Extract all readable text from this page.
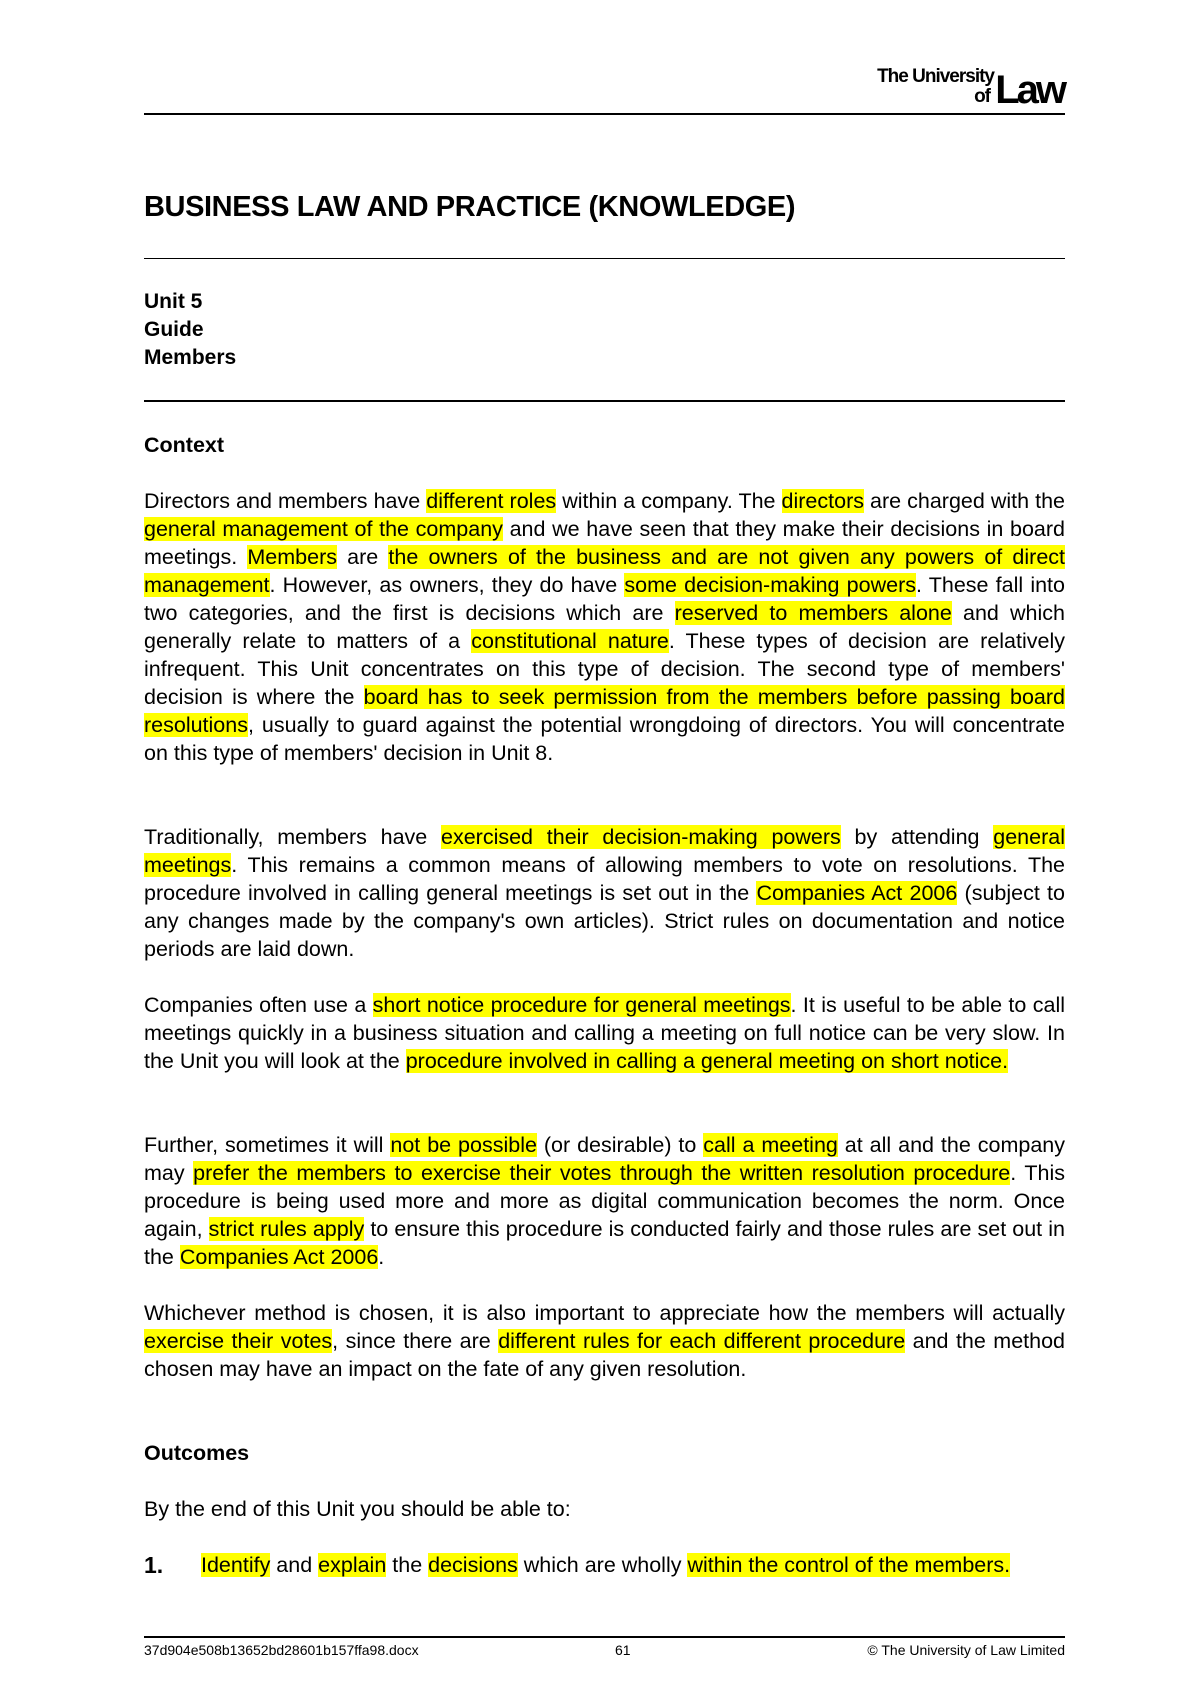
The University
of Law
BUSINESS LAW AND PRACTICE (KNOWLEDGE)
Unit 5
Guide
Members
Context

Directors and members have different roles within a company. The directors are charged with the general management of the company and we have seen that they make their decisions in board meetings. Members are the owners of the business and are not given any powers of direct management. However, as owners, they do have some decision-making powers. These fall into two categories, and the first is decisions which are reserved to members alone and which generally relate to matters of a constitutional nature. These types of decision are relatively infrequent. This Unit concentrates on this type of decision. The second type of members' decision is where the board has to seek permission from the members before passing board resolutions, usually to guard against the potential wrongdoing of directors. You will concentrate on this type of members' decision in Unit 8.

Traditionally, members have exercised their decision-making powers by attending general meetings. This remains a common means of allowing members to vote on resolutions. The procedure involved in calling general meetings is set out in the Companies Act 2006 (subject to any changes made by the company's own articles). Strict rules on documentation and notice periods are laid down.

Companies often use a short notice procedure for general meetings. It is useful to be able to call meetings quickly in a business situation and calling a meeting on full notice can be very slow. In the Unit you will look at the procedure involved in calling a general meeting on short notice.

Further, sometimes it will not be possible (or desirable) to call a meeting at all and the company may prefer the members to exercise their votes through the written resolution procedure. This procedure is being used more and more as digital communication becomes the norm. Once again, strict rules apply to ensure this procedure is conducted fairly and those rules are set out in the Companies Act 2006.

Whichever method is chosen, it is also important to appreciate how the members will actually exercise their votes, since there are different rules for each different procedure and the method chosen may have an impact on the fate of any given resolution.

Outcomes

By the end of this Unit you should be able to:

1. Identify and explain the decisions which are wholly within the control of the members.
37d904e508b13652bd28601b157ffa98.docx	61	© The University of Law Limited
